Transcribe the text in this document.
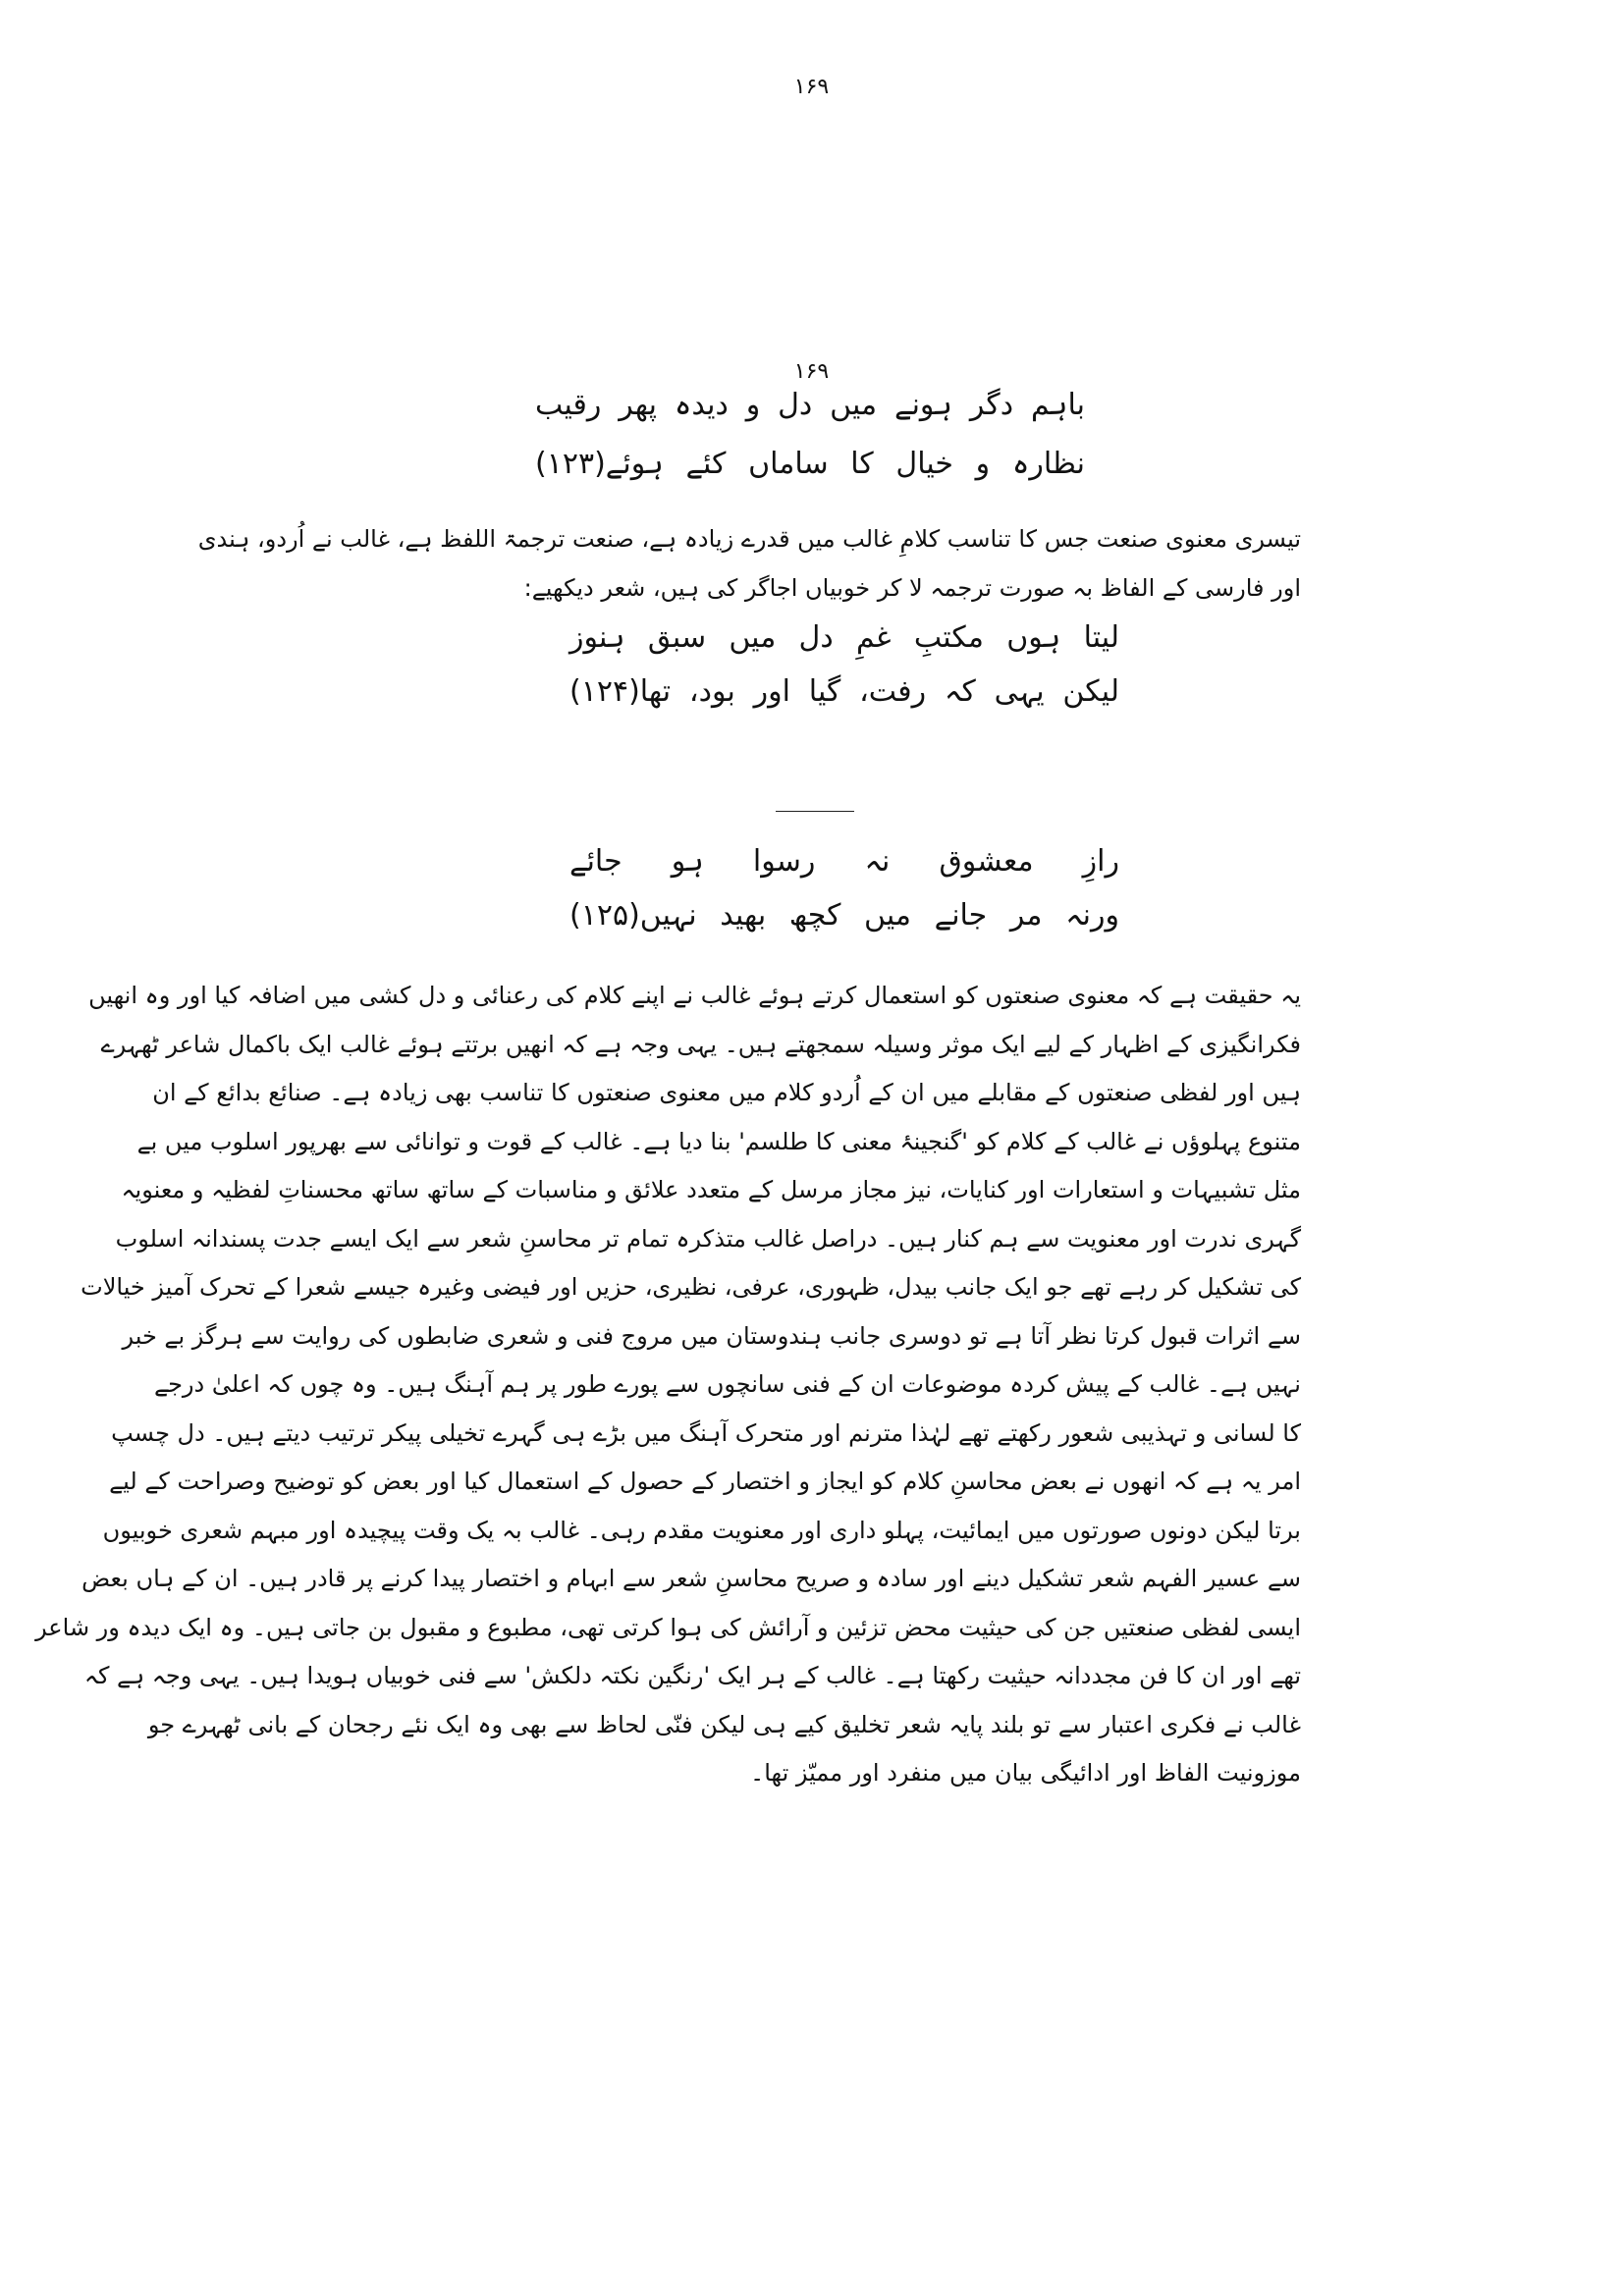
۱۶۹
۱۶۹
باہم دگر ہونے میں دل و دیدہ پھر رقیب
نظارہ و خیال کا ساماں کئے ہوئے(۱۲۳)
تیسری معنوی صنعت جس کا تناسب کلامِ غالب میں قدرے زیادہ ہے، صنعت ترجمۃ اللفظ ہے، غالب نے اُردو، ہندی
اور فارسی کے الفاظ بہ صورت ترجمہ لا کر خوبیاں اجاگر کی ہیں، شعر دیکھیے:
لیتا ہوں مکتبِ غمِ دل میں سبق ہنوز
لیکن یہی کہ رفت، گیا اور بود، تھا(۱۲۴)
رازِ معشوق نہ رسوا ہو جائے
ورنہ مر جانے میں کچھ بھید نہیں(۱۲۵)
یہ حقیقت ہے کہ معنوی صنعتوں کو استعمال کرتے ہوئے غالب نے اپنے کلام کی رعنائی و دل کشی میں اضافہ کیا اور وہ انھیں
فکرانگیزی کے اظہار کے لیے ایک موثر وسیلہ سمجھتے ہیں۔ یہی وجہ ہے کہ انھیں برتتے ہوئے غالب ایک باکمال شاعر ٹھہرے
ہیں اور لفظی صنعتوں کے مقابلے میں ان کے اُردو کلام میں معنوی صنعتوں کا تناسب بھی زیادہ ہے۔ صنائع بدائع کے ان
متنوع پہلوؤں نے غالب کے کلام کو 'گنجینۂ معنی کا طلسم' بنا دیا ہے۔ غالب کے قوت و توانائی سے بھرپور اسلوب میں بے
مثل تشبیہات و استعارات اور کنایات، نیز مجاز مرسل کے متعدد علائق و مناسبات کے ساتھ ساتھ محسناتِ لفظیہ و معنویہ
گہری ندرت اور معنویت سے ہم کنار ہیں۔ دراصل غالب متذکرہ تمام تر محاسنِ شعر سے ایک ایسے جدت پسندانہ اسلوب
کی تشکیل کر رہے تھے جو ایک جانب بیدل، ظہوری، عرفی، نظیری، حزیں اور فیضی وغیرہ جیسے شعرا کے تحرک آمیز خیالات
سے اثرات قبول کرتا نظر آتا ہے تو دوسری جانب ہندوستان میں مروج فنی و شعری ضابطوں کی روایت سے ہرگز بے خبر
نہیں ہے۔ غالب کے پیش کردہ موضوعات ان کے فنی سانچوں سے پورے طور پر ہم آہنگ ہیں۔ وہ چوں کہ اعلیٰ درجے
کا لسانی و تہذیبی شعور رکھتے تھے لہٰذا مترنم اور متحرک آہنگ میں بڑے ہی گہرے تخیلی پیکر ترتیب دیتے ہیں۔ دل چسپ
امر یہ ہے کہ انھوں نے بعض محاسنِ کلام کو ایجاز و اختصار کے حصول کے استعمال کیا اور بعض کو توضیح وصراحت کے لیے
برتا لیکن دونوں صورتوں میں ایمائیت، پہلو داری اور معنویت مقدم رہی۔ غالب بہ یک وقت پیچیدہ اور مبہم شعری خوبیوں
سے عسیر الفہم شعر تشکیل دینے اور سادہ و صریح محاسنِ شعر سے ابہام و اختصار پیدا کرنے پر قادر ہیں۔ ان کے ہاں بعض
ایسی لفظی صنعتیں جن کی حیثیت محض تزئین و آرائش کی ہوا کرتی تھی، مطبوع و مقبول بن جاتی ہیں۔ وہ ایک دیدہ ور شاعر
تھے اور ان کا فن مجددانہ حیثیت رکھتا ہے۔ غالب کے ہر ایک 'رنگین نکتہ دلکش' سے فنی خوبیاں ہویدا ہیں۔ یہی وجہ ہے کہ
غالب نے فکری اعتبار سے تو بلند پایہ شعر تخلیق کیے ہی لیکن فنّی لحاظ سے بھی وہ ایک نئے رجحان کے بانی ٹھہرے جو
موزونیت الفاظ اور ادائیگی بیان میں منفرد اور ممیّز تھا۔
